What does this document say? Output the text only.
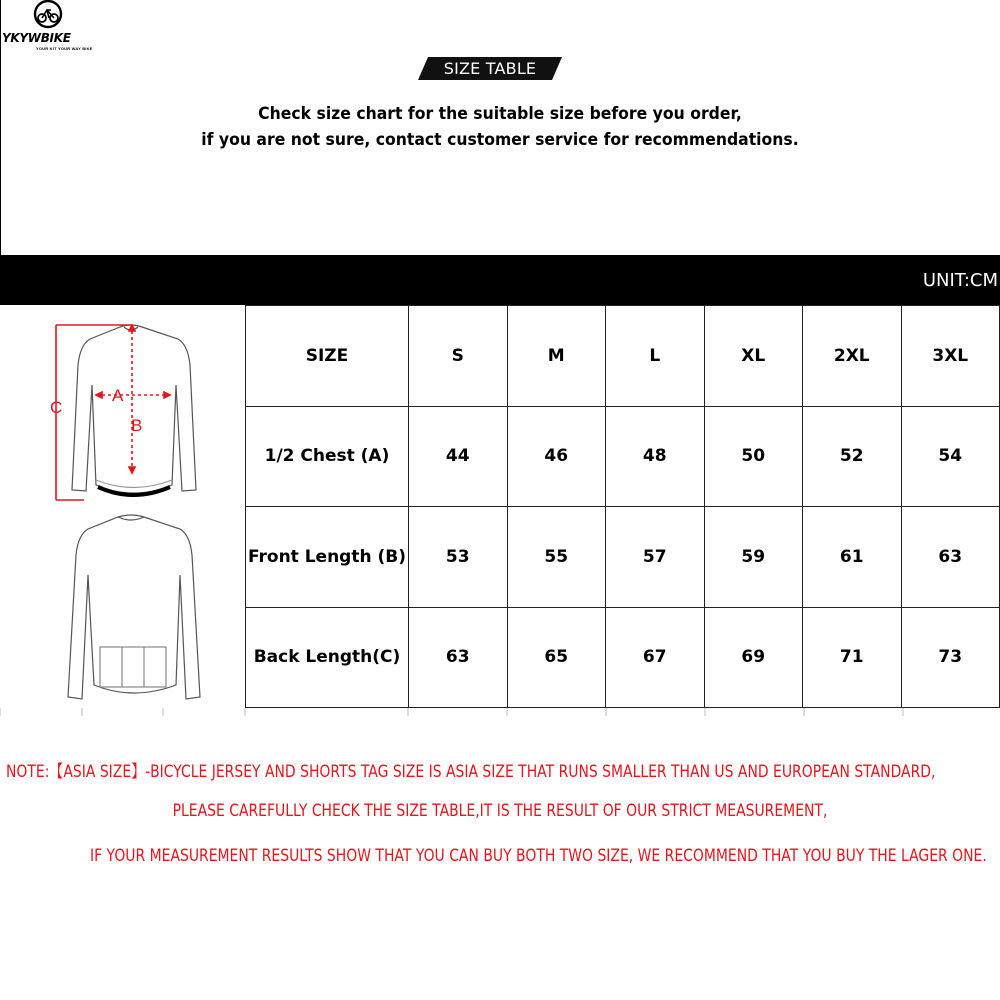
YKYWBIKE
YOUR KIT YOUR WAY BIKE
SIZE TABLE
Check size chart for the suitable size before you order,
if you are not sure, contact customer service for recommendations.
UNIT:CM
A
B
C
SIZE	S	M	L	XL	2XL	3XL
1/2 Chest (A)	44	46	48	50	52	54
Front Length (B)	53	55	57	59	61	63
Back Length(C)	63	65	67	69	71	73
NOTE:【ASIA SIZE】-BICYCLE JERSEY AND SHORTS TAG SIZE IS ASIA SIZE THAT RUNS SMALLER THAN US AND EUROPEAN STANDARD,
PLEASE CAREFULLY CHECK THE SIZE TABLE,IT IS THE RESULT OF OUR STRICT MEASUREMENT,
IF YOUR MEASUREMENT RESULTS SHOW THAT YOU CAN BUY BOTH TWO SIZE, WE RECOMMEND THAT YOU BUY THE LAGER ONE.
